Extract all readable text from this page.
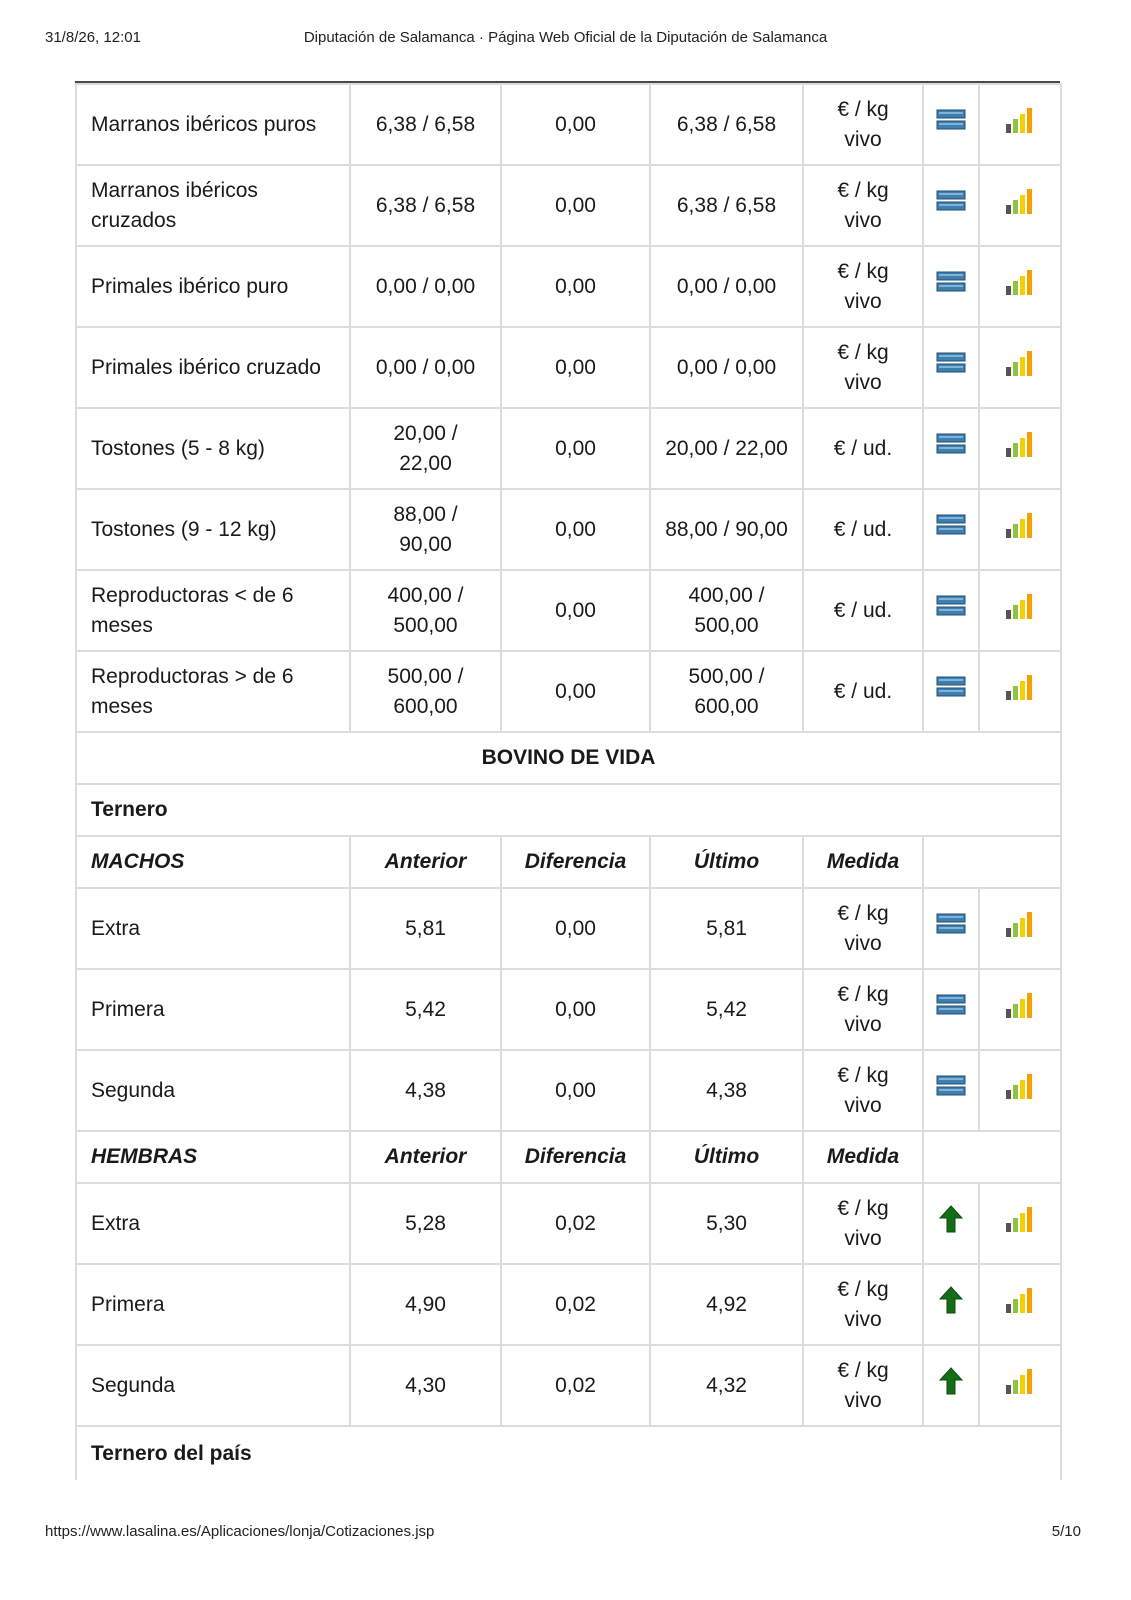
31/8/26, 12:01	Diputación de Salamanca · Página Web Oficial de la Diputación de Salamanca
Marranos ibéricos puros	6,38 / 6,58	0,00	6,38 / 6,58	€ / kg vivo		
Marranos ibéricos cruzados	6,38 / 6,58	0,00	6,38 / 6,58	€ / kg vivo		
Primales ibérico puro	0,00 / 0,00	0,00	0,00 / 0,00	€ / kg vivo		
Primales ibérico cruzado	0,00 / 0,00	0,00	0,00 / 0,00	€ / kg vivo		
Tostones (5 - 8 kg)	20,00 / 22,00	0,00	20,00 / 22,00	€ / ud.		
Tostones (9 - 12 kg)	88,00 / 90,00	0,00	88,00 / 90,00	€ / ud.		
Reproductoras < de 6 meses	400,00 / 500,00	0,00	400,00 / 500,00	€ / ud.		
Reproductoras > de 6 meses	500,00 / 600,00	0,00	500,00 / 600,00	€ / ud.		
BOVINO DE VIDA						
Ternero						
MACHOS	Anterior	Diferencia	Último	Medida		
Extra	5,81	0,00	5,81	€ / kg vivo		
Primera	5,42	0,00	5,42	€ / kg vivo		
Segunda	4,38	0,00	4,38	€ / kg vivo		
HEMBRAS	Anterior	Diferencia	Último	Medida		
Extra	5,28	0,02	5,30	€ / kg vivo		
Primera	4,90	0,02	4,92	€ / kg vivo		
Segunda	4,30	0,02	4,32	€ / kg vivo		
Ternero del país						
https://www.lasalina.es/Aplicaciones/lonja/Cotizaciones.jsp	5/10
